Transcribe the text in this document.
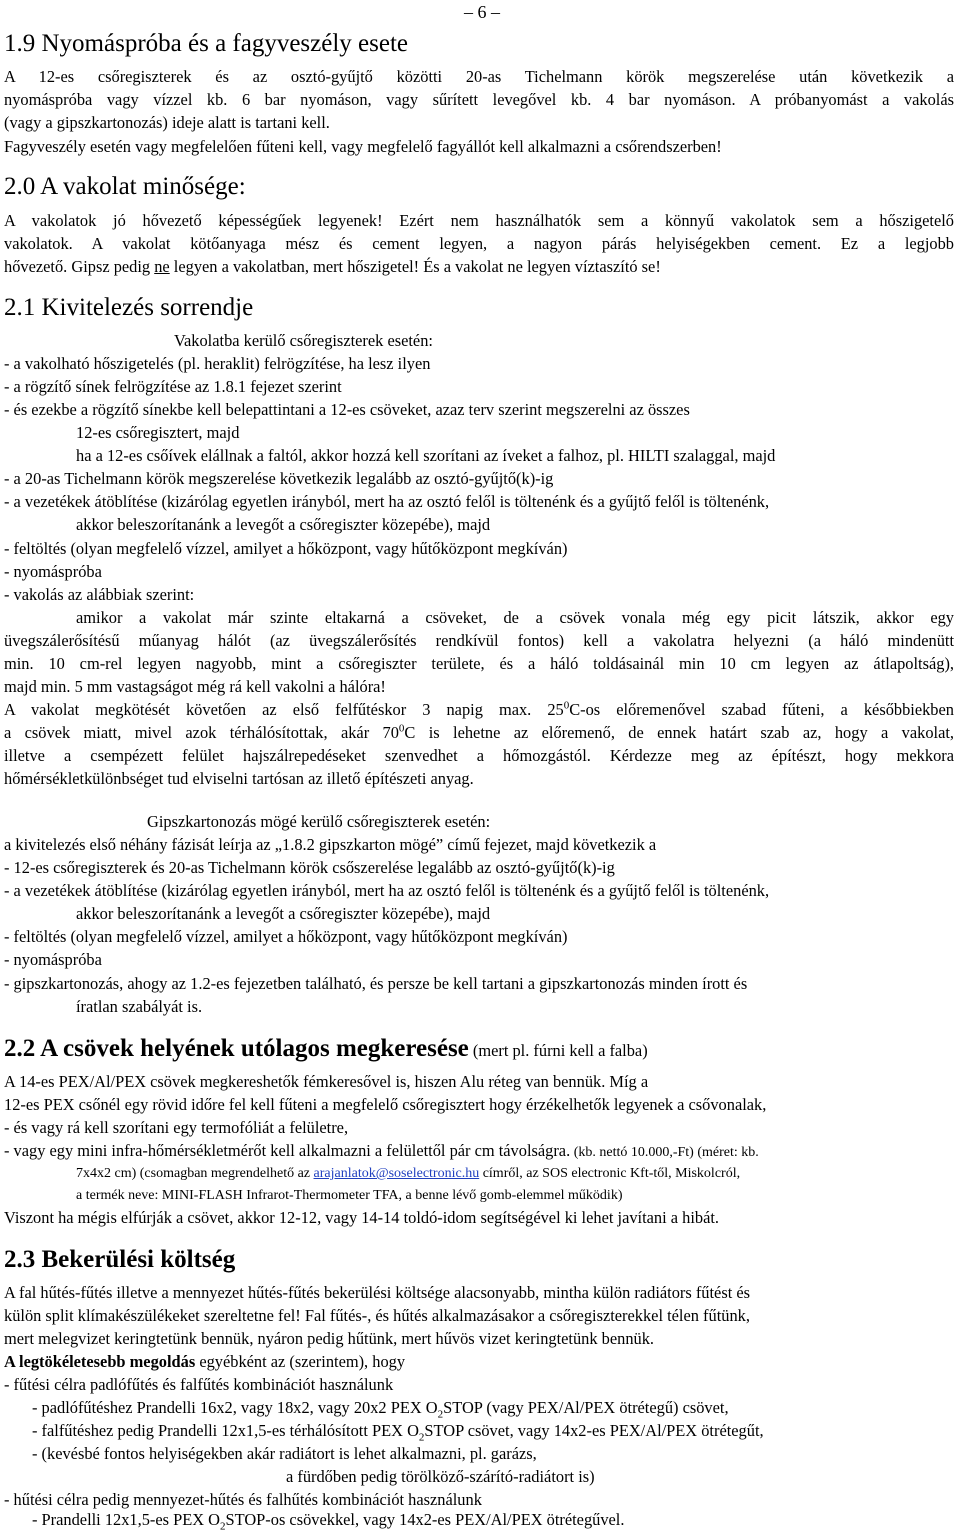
– 6 –
1.9 Nyomáspróba és a fagyveszély esete
A 12-es csőregiszterek és az osztó-gyűjtő közötti 20-as Tichelmann körök megszerelése után következik a
nyomáspróba vagy vízzel kb. 6 bar nyomáson, vagy sűrített levegővel kb. 4 bar nyomáson. A próbanyomást a vakolás
(vagy a gipszkartonozás) ideje alatt is tartani kell.
Fagyveszély esetén vagy megfelelően fűteni kell, vagy megfelelő fagyállót kell alkalmazni a csőrendszerben!
2.0 A vakolat minősége:
A vakolatok jó hővezető képességűek legyenek! Ezért nem használhatók sem a könnyű vakolatok sem a hőszigetelő
vakolatok. A vakolat kötőanyaga mész és cement legyen, a nagyon párás helyiségekben cement. Ez a legjobb
hővezető. Gipsz pedig ne legyen a vakolatban, mert hőszigetel! És a vakolat ne legyen víztaszító se!
2.1 Kivitelezés sorrendje
Vakolatba kerülő csőregiszterek esetén:
- a vakolható hőszigetelés (pl. heraklit) felrögzítése, ha lesz ilyen
- a rögzítő sínek felrögzítése az 1.8.1 fejezet szerint
- és ezekbe a rögzítő sínekbe kell belepattintani a 12-es csöveket, azaz terv szerint megszerelni az összes
12-es csőregisztert, majd
ha a 12-es csőívek elállnak a faltól, akkor hozzá kell szorítani az íveket a falhoz, pl. HILTI szalaggal, majd
- a 20-as Tichelmann körök megszerelése következik legalább az osztó-gyűjtő(k)-ig
- a vezetékek átöblítése (kizárólag egyetlen irányból, mert ha az osztó felől is töltenénk és a gyűjtő felől is töltenénk,
akkor beleszorítanánk a levegőt a csőregiszter közepébe), majd
- feltöltés (olyan megfelelő vízzel, amilyet a hőközpont, vagy hűtőközpont megkíván)
- nyomáspróba
- vakolás az alábbiak szerint:
amikor a vakolat már szinte eltakarná a csöveket, de a csövek vonala még egy picit látszik, akkor egy
üvegszálerősítésű műanyag hálót (az üvegszálerősítés rendkívül fontos) kell a vakolatra helyezni (a háló mindenütt
min. 10 cm-rel legyen nagyobb, mint a csőregiszter területe, és a háló toldásainál min 10 cm legyen az átlapoltság),
majd min. 5 mm vastagságot még rá kell vakolni a hálóra!
A vakolat megkötését követően az első felfűtéskor 3 napig max. $25^0C-os$ előremenővel szabad fűteni, a későbbiekben
a csövek miatt, mivel azok térhálósítottak, akár $70^0C$ is lehetne az előremenő, de ennek határt szab az, hogy a vakolat,
illetve a csempézett felület hajszálrepedéseket szenvedhet a hőmozgástól. Kérdezze meg az építészt, hogy mekkora
hőmérsékletkülönbséget tud elviselni tartósan az illető építészeti anyag.
Gipszkartonozás mögé kerülő csőregiszterek esetén:
a kivitelezés első néhány fázisát leírja az „1.8.2 gipszkarton mögé” című fejezet, majd következik a
- 12-es csőregiszterek és 20-as Tichelmann körök csőszerelése legalább az osztó-gyűjtő(k)-ig
- a vezetékek átöblítése (kizárólag egyetlen irányból, mert ha az osztó felől is töltenénk és a gyűjtő felől is töltenénk,
akkor beleszorítanánk a levegőt a csőregiszter közepébe), majd
- feltöltés (olyan megfelelő vízzel, amilyet a hőközpont, vagy hűtőközpont megkíván)
- nyomáspróba
- gipszkartonozás, ahogy az 1.2-es fejezetben található, és persze be kell tartani a gipszkartonozás minden írott és
íratlan szabályát is.
2.2 A csövek helyének utólagos megkeresése (mert pl. fúrni kell a falba)
A 14-es PEX/Al/PEX csövek megkereshetők fémkeresővel is, hiszen Alu réteg van bennük. Míg a
12-es PEX csőnél egy rövid időre fel kell fűteni a megfelelő csőregisztert hogy érzékelhetők legyenek a csővonalak,
- és vagy rá kell szorítani egy termofóliát a felületre,
- vagy egy mini infra-hőmérsékletmérőt kell alkalmazni a felülettől pár cm távolságra. (kb. nettó 10.000,-Ft) (méret: kb.
7x4x2 cm) (csomagban megrendelhető az arajanlatok@soselectronic.hu címről, az SOS electronic Kft-től, Miskolcról,
a termék neve: MINI-FLASH Infrarot-Thermometer TFA, a benne lévő gomb-elemmel működik)
Viszont ha mégis elfúrják a csövet, akkor 12-12, vagy 14-14 toldó-idom segítségével ki lehet javítani a hibát.
2.3 Bekerülési költség
A fal hűtés-fűtés illetve a mennyezet hűtés-fűtés bekerülési költsége alacsonyabb, mintha külön radiátors fűtést és
külön split klímakészülékeket szereltetne fel! Fal fűtés-, és hűtés alkalmazásakor a csőregiszterekkel télen fűtünk,
mert melegvizet keringtetünk bennük, nyáron pedig hűtünk, mert hűvös vizet keringtetünk bennük.
A legtökéletesebb megoldás egyébként az (szerintem), hogy
- fűtési célra padlófűtés és falfűtés kombinációt használunk
- padlófűtéshez Prandelli 16x2, vagy 18x2, vagy 20x2 PEX $O_2STOP$ (vagy PEX/Al/PEX ötrétegű) csövet,
- falfűtéshez pedig Prandelli 12x1,5-es térhálósított PEX $O_2STOP$ csövet, vagy 14x2-es PEX/Al/PEX ötrétegűt,
- (kevésbé fontos helyiségekben akár radiátort is lehet alkalmazni, pl. garázs,
a fürdőben pedig törölköző-szárító-radiátort is)
- hűtési célra pedig mennyezet-hűtés és falhűtés kombinációt használunk
- Prandelli 12x1,5-es PEX $O_2STOP-os$ csövekkel, vagy 14x2-es PEX/Al/PEX ötrétegűvel.
